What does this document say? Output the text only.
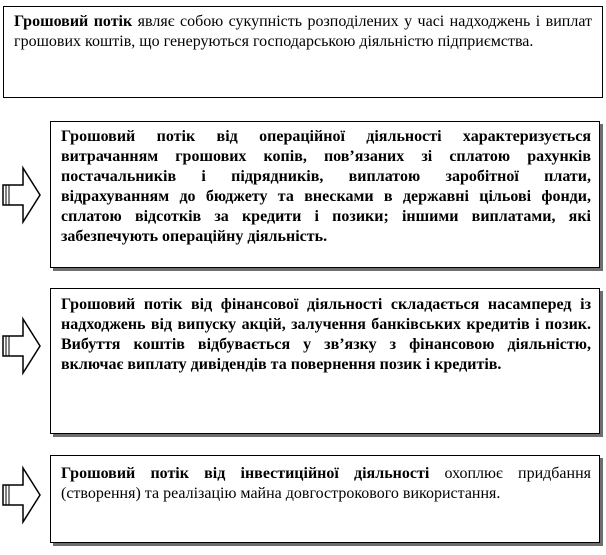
Грошовий потік являє собою сукупність розподілених у часі надходжень і виплат грошових коштів, що генеруються господарською діяльністю підприємства.
Грошовий потік від операційної діяльності характеризується витрачанням грошових копів, пов’язаних зі сплатою рахунків постачальників і підрядників, виплатою заробітної плати, відрахуванням до бюджету та внесками в державні цільові фонди, сплатою відсотків за кредити і позики; іншими виплатами, які забезпечують операційну діяльність.
Грошовий потік від фінансової діяльності складається насамперед із надходжень від випуску акцій, залучення банківських кредитів і позик. Вибуття коштів відбувається у зв’язку з фінансовою діяльністю, включає виплату дивідендів та повернення позик і кредитів.
Грошовий потік від інвестиційної діяльності охоплює придбання (створення) та реалізацію майна довгострокового використання.
